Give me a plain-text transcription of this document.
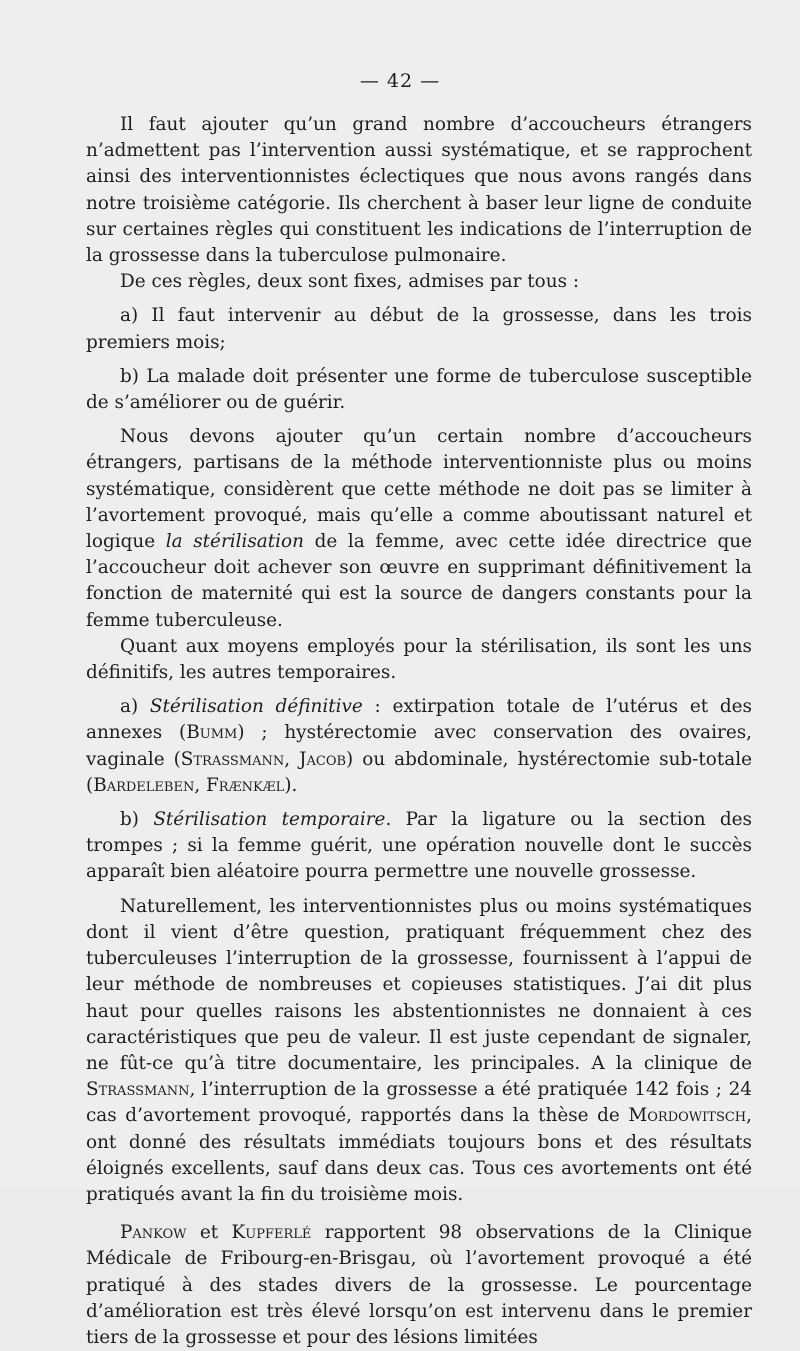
— 42 —

Il faut ajouter qu’un grand nombre d’accoucheurs étrangers n’admettent pas l’intervention aussi systématique, et se rapprochent ainsi des interventionnistes éclectiques que nous avons rangés dans notre troisième catégorie. Ils cherchent à baser leur ligne de conduite sur certaines règles qui constituent les indications de l’interruption de la grossesse dans la tuberculose pulmonaire.

De ces règles, deux sont fixes, admises par tous :

a) Il faut intervenir au début de la grossesse, dans les trois premiers mois;

b) La malade doit présenter une forme de tuberculose susceptible de s’améliorer ou de guérir.

Nous devons ajouter qu’un certain nombre d’accoucheurs étrangers, partisans de la méthode interventionniste plus ou moins systématique, considèrent que cette méthode ne doit pas se limiter à l’avortement provoqué, mais qu’elle a comme aboutissant naturel et logique la stérilisation de la femme, avec cette idée directrice que l’accoucheur doit achever son œuvre en supprimant définitivement la fonction de maternité qui est la source de dangers constants pour la femme tuberculeuse.

Quant aux moyens employés pour la stérilisation, ils sont les uns définitifs, les autres temporaires.

a) Stérilisation définitive : extirpation totale de l’utérus et des annexes (Bumm) ; hystérectomie avec conservation des ovaires, vaginale (Strassmann, Jacob) ou abdominale, hystérectomie sub-totale (Bardeleben, Frænkæl).

b) Stérilisation temporaire. Par la ligature ou la section des trompes ; si la femme guérit, une opération nouvelle dont le succès apparaît bien aléatoire pourra permettre une nouvelle grossesse.

Naturellement, les interventionnistes plus ou moins systématiques dont il vient d’être question, pratiquant fréquemment chez des tuberculeuses l’interruption de la grossesse, fournissent à l’appui de leur méthode de nombreuses et copieuses statistiques. J’ai dit plus haut pour quelles raisons les abstentionnistes ne donnaient à ces caractéristiques que peu de valeur. Il est juste cependant de signaler, ne fût-ce qu’à titre documentaire, les principales. A la clinique de Strassmann, l’interruption de la grossesse a été pratiquée 142 fois ; 24 cas d’avortement provoqué, rapportés dans la thèse de Mordowitsch, ont donné des résultats immédiats toujours bons et des résultats éloignés excellents, sauf dans deux cas. Tous ces avortements ont été pratiqués avant la fin du troisième mois.

Pankow et Kupferlé rapportent 98 observations de la Clinique Médicale de Fribourg-en-Brisgau, où l’avortement provoqué a été pratiqué à des stades divers de la grossesse. Le pourcentage d’amélioration est très élevé lorsqu’on est intervenu dans le premier tiers de la grossesse et pour des lésions limitées
